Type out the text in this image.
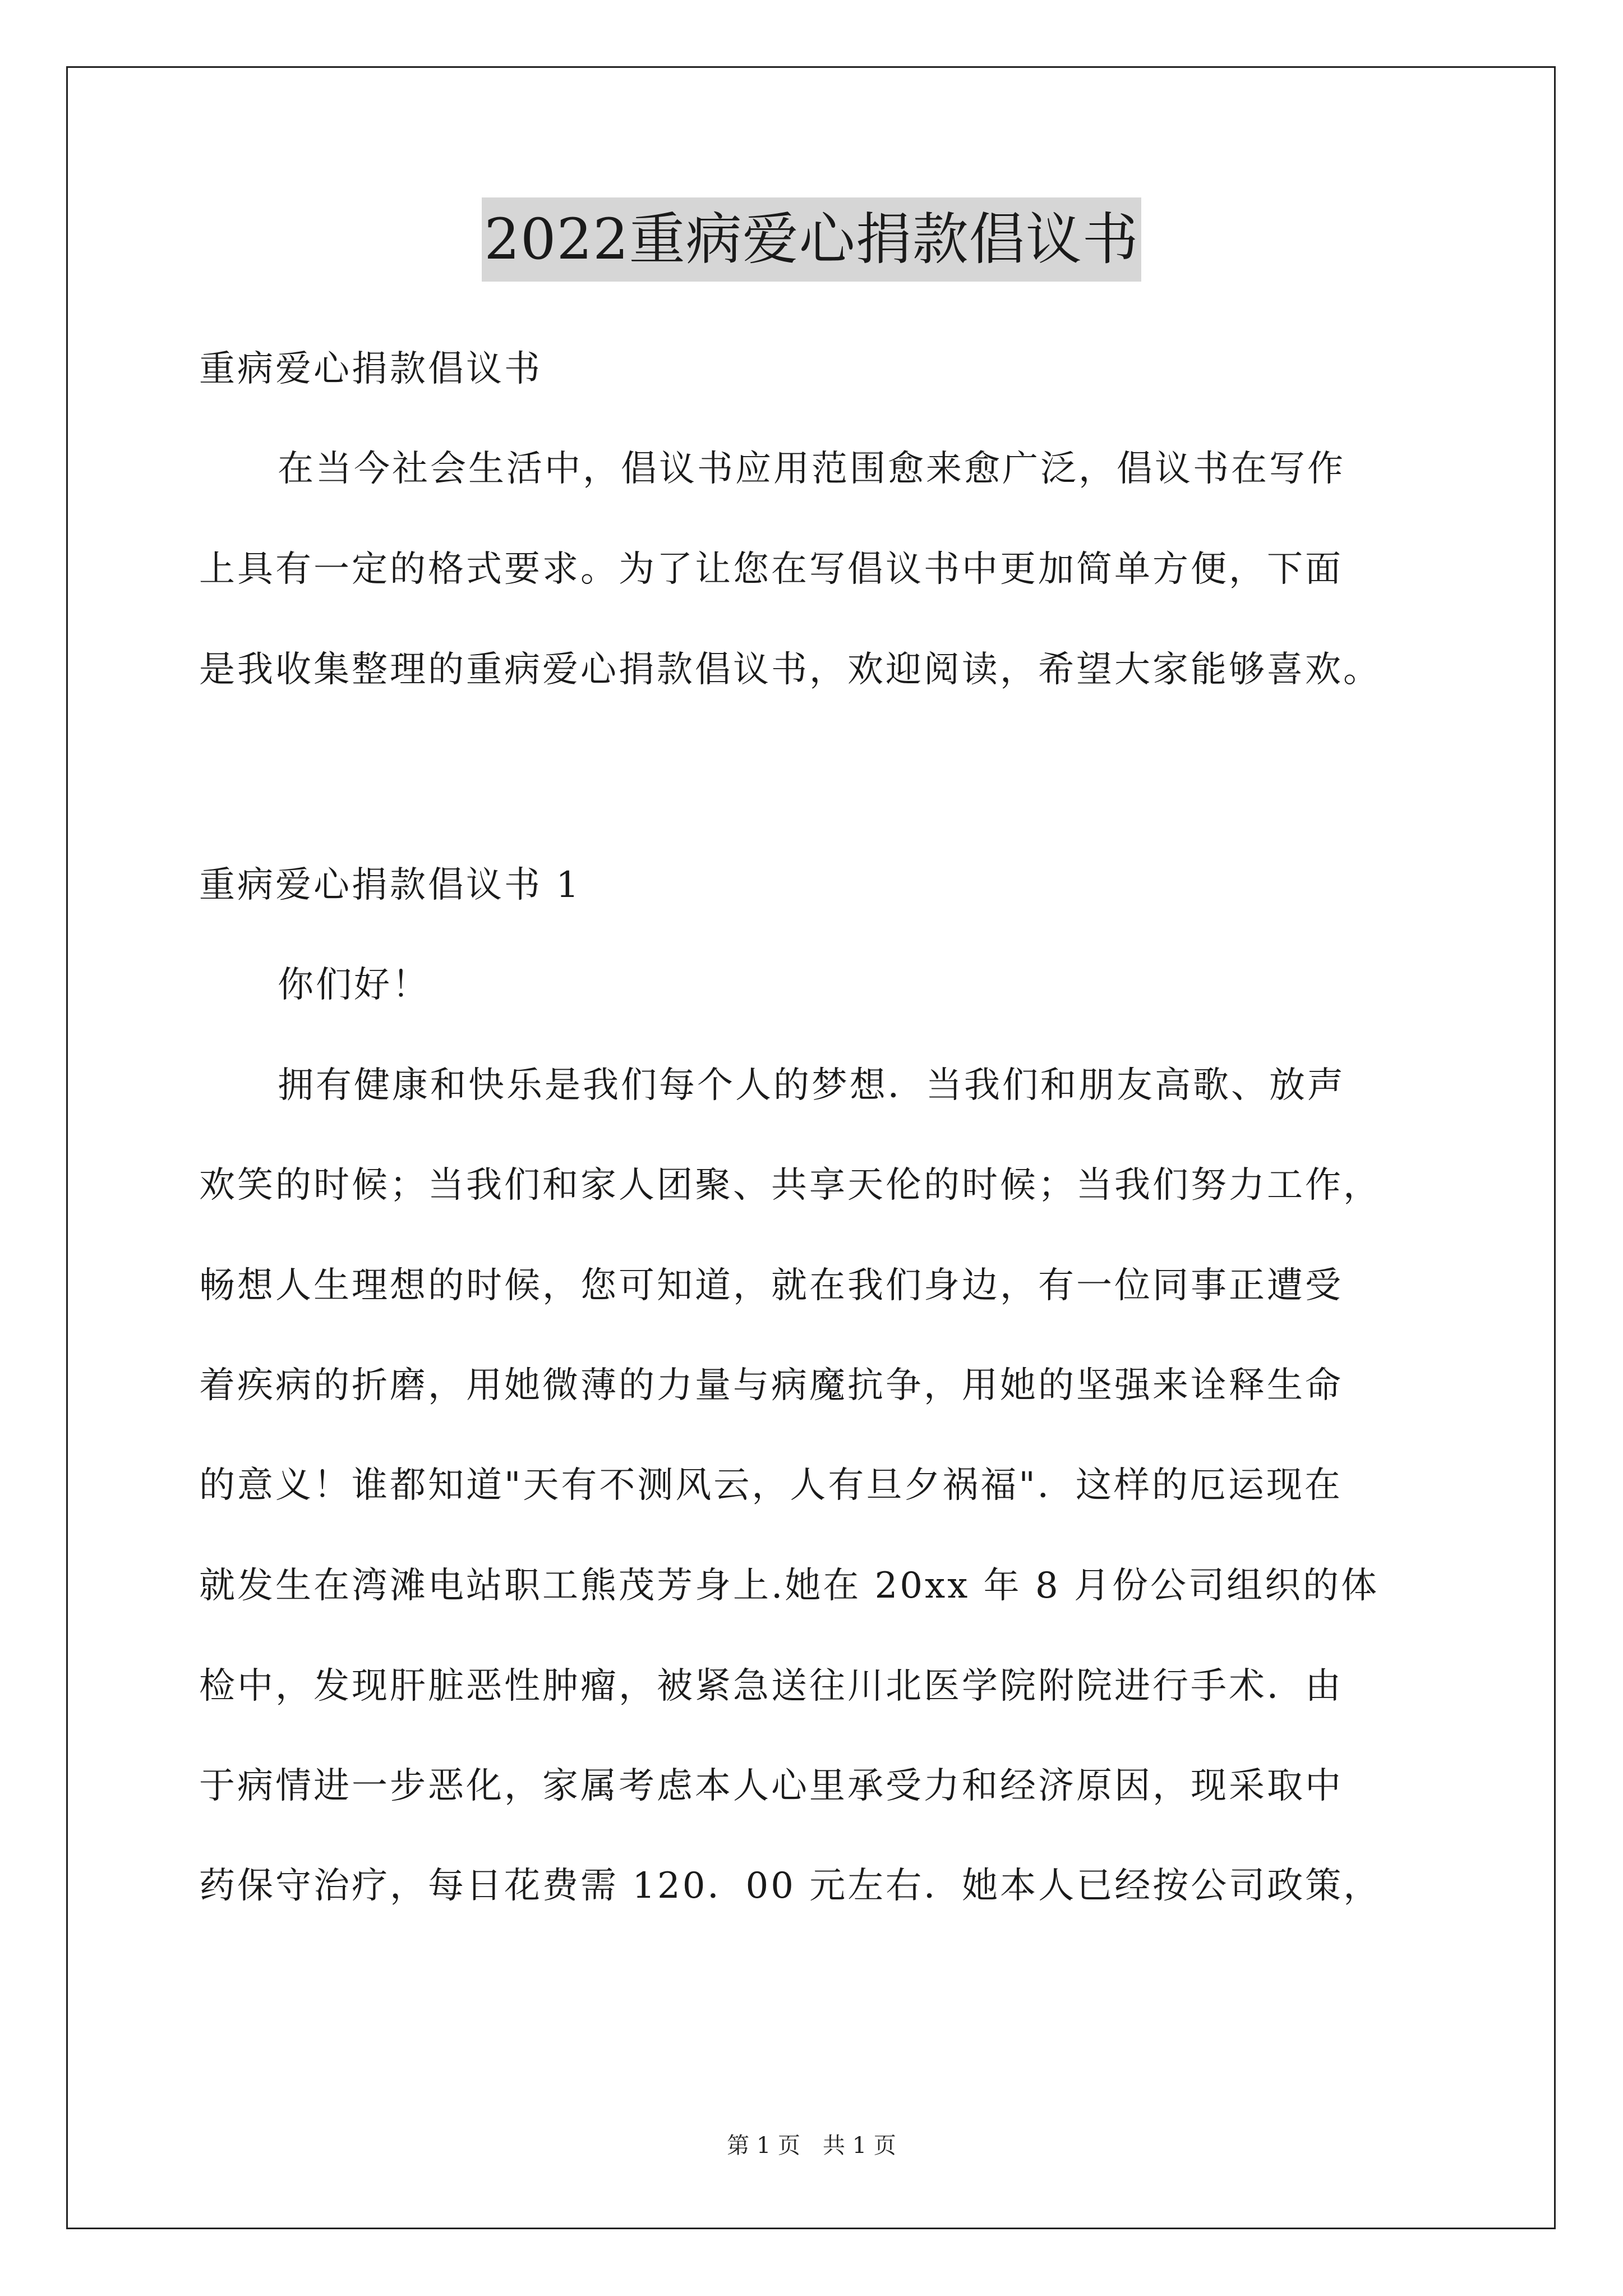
2022重病爱心捐款倡议书
重病爱心捐款倡议书
在当今社会生活中，倡议书应用范围愈来愈广泛，倡议书在写作
上具有一定的格式要求。为了让您在写倡议书中更加简单方便，下面
是我收集整理的重病爱心捐款倡议书，欢迎阅读，希望大家能够喜欢。
重病爱心捐款倡议书 1
你们好！
拥有健康和快乐是我们每个人的梦想．当我们和朋友高歌、放声
欢笑的时候；当我们和家人团聚、共享天伦的时候；当我们努力工作，
畅想人生理想的时候，您可知道，就在我们身边，有一位同事正遭受
着疾病的折磨，用她微薄的力量与病魔抗争，用她的坚强来诠释生命
的意义！谁都知道"天有不测风云，人有旦夕祸福"．这样的厄运现在
就发生在湾滩电站职工熊茂芳身上.她在 20xx 年 8 月份公司组织的体
检中，发现肝脏恶性肿瘤，被紧急送往川北医学院附院进行手术．由
于病情进一步恶化，家属考虑本人心里承受力和经济原因，现采取中
药保守治疗，每日花费需 120．00 元左右．她本人已经按公司政策，
第 1 页　共 1 页
